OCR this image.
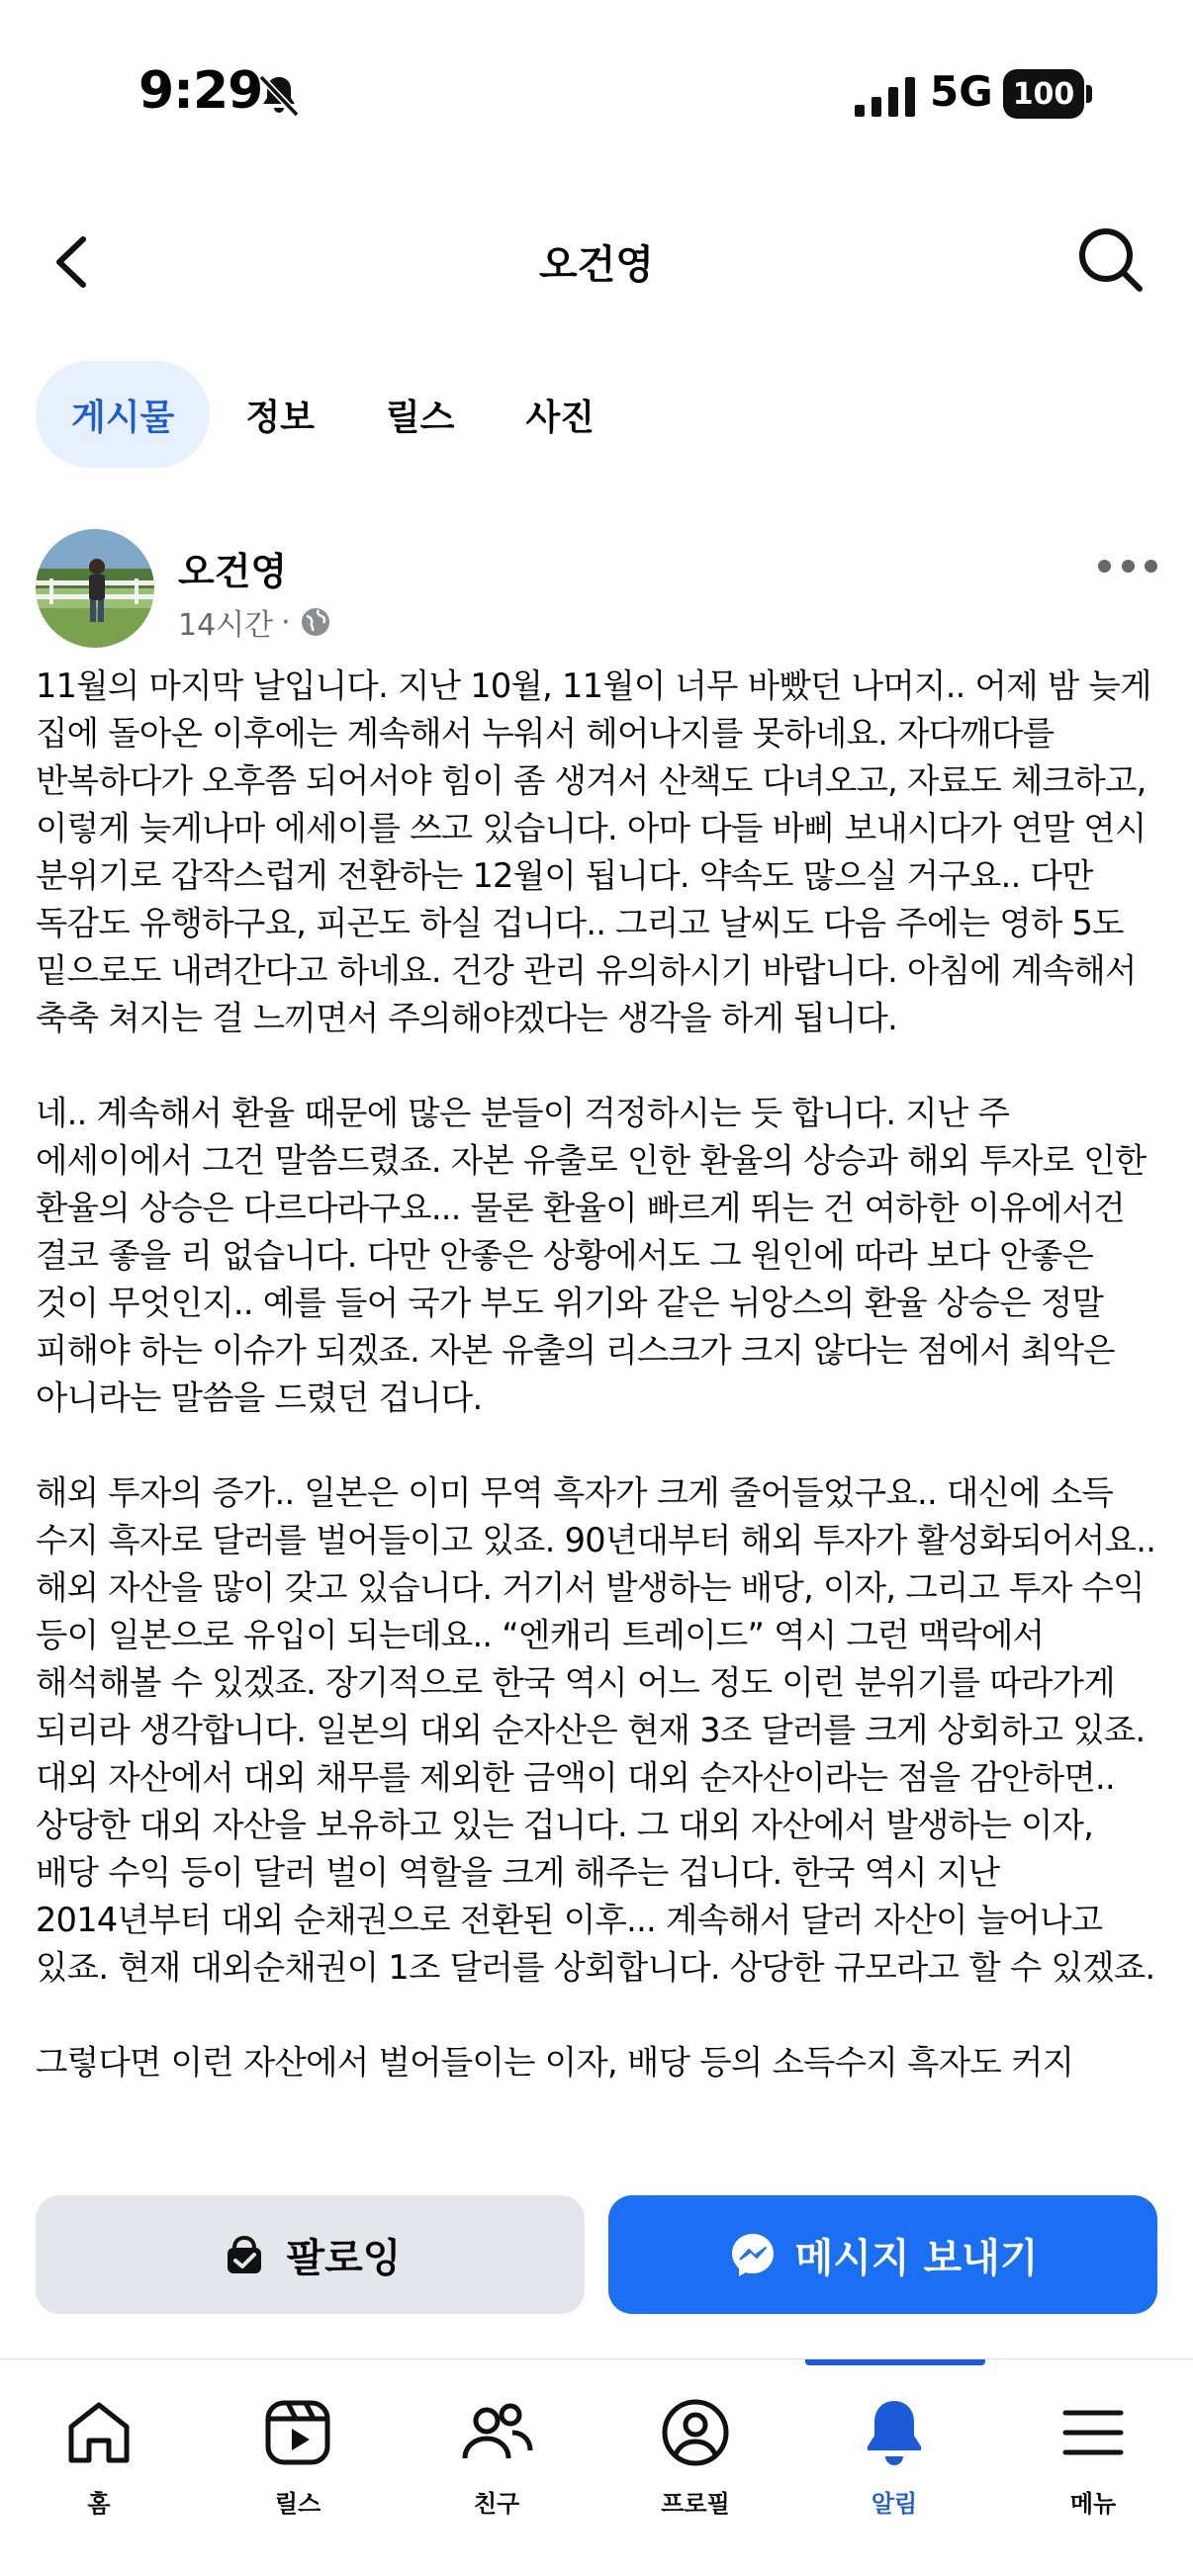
9:29	5G 100
오건영
게시물	정보	릴스	사진
오건영
14시간 ·

11월의 마지막 날입니다. 지난 10월, 11월이 너무 바빴던 나머지.. 어제 밤 늦게 집에 돌아온 이후에는 계속해서 누워서 헤어나지를 못하네요. 자다깨다를 반복하다가 오후쯤 되어서야 힘이 좀 생겨서 산책도 다녀오고, 자료도 체크하고, 이렇게 늦게나마 에세이를 쓰고 있습니다. 아마 다들 바삐 보내시다가 연말 연시 분위기로 갑작스럽게 전환하는 12월이 됩니다. 약속도 많으실 거구요.. 다만 독감도 유행하구요, 피곤도 하실 겁니다.. 그리고 날씨도 다음 주에는 영하 5도 밑으로도 내려간다고 하네요. 건강 관리 유의하시기 바랍니다. 아침에 계속해서 축축 쳐지는 걸 느끼면서 주의해야겠다는 생각을 하게 됩니다.

네.. 계속해서 환율 때문에 많은 분들이 걱정하시는 듯 합니다. 지난 주 에세이에서 그건 말씀드렸죠. 자본 유출로 인한 환율의 상승과 해외 투자로 인한 환율의 상승은 다르다라구요... 물론 환율이 빠르게 뛰는 건 여하한 이유에서건 결코 좋을 리 없습니다. 다만 안좋은 상황에서도 그 원인에 따라 보다 안좋은 것이 무엇인지.. 예를 들어 국가 부도 위기와 같은 뉘앙스의 환율 상승은 정말 피해야 하는 이슈가 되겠죠. 자본 유출의 리스크가 크지 않다는 점에서 최악은 아니라는 말씀을 드렸던 겁니다.

해외 투자의 증가.. 일본은 이미 무역 흑자가 크게 줄어들었구요.. 대신에 소득 수지 흑자로 달러를 벌어들이고 있죠. 90년대부터 해외 투자가 활성화되어서요.. 해외 자산을 많이 갖고 있습니다. 거기서 발생하는 배당, 이자, 그리고 투자 수익 등이 일본으로 유입이 되는데요.. “엔캐리 트레이드” 역시 그런 맥락에서 해석해볼 수 있겠죠. 장기적으로 한국 역시 어느 정도 이런 분위기를 따라가게 되리라 생각합니다. 일본의 대외 순자산은 현재 3조 달러를 크게 상회하고 있죠. 대외 자산에서 대외 채무를 제외한 금액이 대외 순자산이라는 점을 감안하면.. 상당한 대외 자산을 보유하고 있는 겁니다. 그 대외 자산에서 발생하는 이자, 배당 수익 등이 달러 벌이 역할을 크게 해주는 겁니다. 한국 역시 지난 2014년부터 대외 순채권으로 전환된 이후... 계속해서 달러 자산이 늘어나고 있죠. 현재 대외순채권이 1조 달러를 상회합니다. 상당한 규모라고 할 수 있겠죠.

그렇다면 이런 자산에서 벌어들이는 이자, 배당 등의 소득수지 흑자도 커지

팔로잉	메시지 보내기
홈	릴스	친구	프로필	알림	메뉴
